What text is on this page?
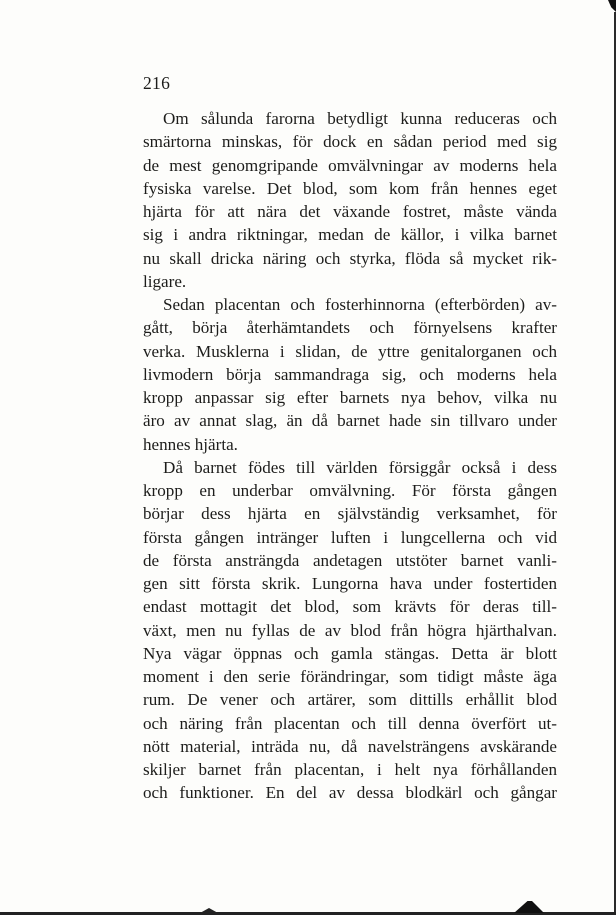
216
Om sålunda farorna betydligt kunna reduceras och
smärtorna minskas, för dock en sådan period med sig
de mest genomgripande omvälvningar av moderns hela
fysiska varelse. Det blod, som kom från hennes eget
hjärta för att nära det växande fostret, måste vända
sig i andra riktningar, medan de källor, i vilka barnet
nu skall dricka näring och styrka, flöda så mycket rik-
ligare.
Sedan placentan och fosterhinnorna (efterbörden) av-
gått, börja återhämtandets och förnyelsens krafter
verka. Musklerna i slidan, de yttre genitalorganen och
livmodern börja sammandraga sig, och moderns hela
kropp anpassar sig efter barnets nya behov, vilka nu
äro av annat slag, än då barnet hade sin tillvaro under
hennes hjärta.
Då barnet födes till världen försiggår också i dess
kropp en underbar omvälvning. För första gången
börjar dess hjärta en självständig verksamhet, för
första gången intränger luften i lungcellerna och vid
de första ansträngda andetagen utstöter barnet vanli-
gen sitt första skrik. Lungorna hava under fostertiden
endast mottagit det blod, som krävts för deras till-
växt, men nu fyllas de av blod från högra hjärthalvan.
Nya vägar öppnas och gamla stängas. Detta är blott
moment i den serie förändringar, som tidigt måste äga
rum. De vener och artärer, som dittills erhållit blod
och näring från placentan och till denna överfört ut-
nött material, inträda nu, då navelsträngens avskärande
skiljer barnet från placentan, i helt nya förhållanden
och funktioner. En del av dessa blodkärl och gångar
